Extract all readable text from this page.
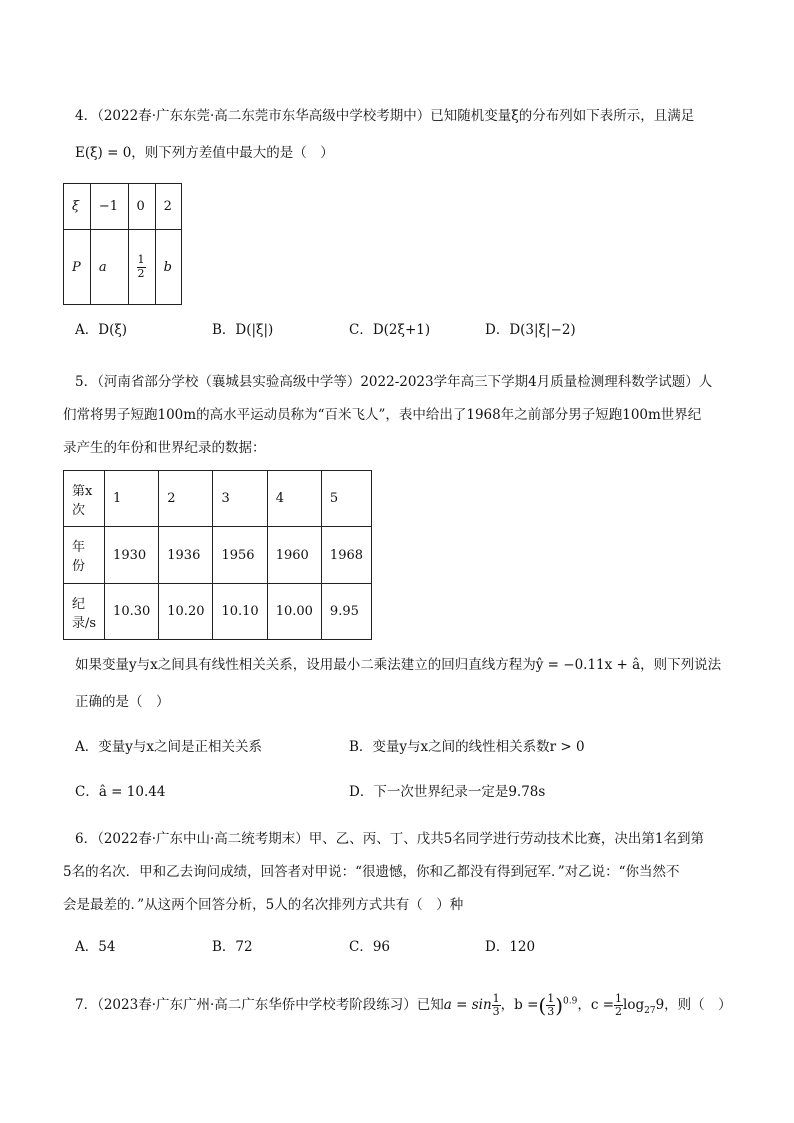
4．（2022春·广东东莞·高二东莞市东华高级中学校考期中）已知随机变量ξ的分布列如下表所示，且满足
E(ξ) = 0，则下列方差值中最大的是（　）
ξ	−1	0	2
P	a	$\frac{1}{2}$	b
A．D(ξ)	B．D(|ξ|)	C．D(2ξ+1)	D．D(3|ξ|−2)
5．（河南省部分学校（襄城县实验高级中学等）2022-2023学年高三下学期4月质量检测理科数学试题）人
们常将男子短跑100m的高水平运动员称为“百米飞人”，表中给出了1968年之前部分男子短跑100m世界纪
录产生的年份和世界纪录的数据：
第x次	1	2	3	4	5
年份	1930	1936	1956	1960	1968
纪录/s	10.30	10.20	10.10	10.00	9.95
如果变量y与x之间具有线性相关关系，设用最小二乘法建立的回归直线方程为ŷ = −0.11x + â，则下列说法
正确的是（　）
A．变量y与x之间是正相关关系	B．变量y与x之间的线性相关系数r > 0
C．â = 10.44	D．下一次世界纪录一定是9.78s
6．（2022春·广东中山·高二统考期末）甲、乙、丙、丁、戊共5名同学进行劳动技术比赛，决出第1名到第
5名的名次．甲和乙去询问成绩，回答者对甲说：“很遗憾，你和乙都没有得到冠军．”对乙说：“你当然不
会是最差的．”从这两个回答分析，5人的名次排列方式共有（　）种
A．54	B．72	C．96	D．120
7．（2023春·广东广州·高二广东华侨中学校考阶段练习）已知$a = \sin \frac{1}{3}$ ，b =( $\frac{1}{3} )^{0.9}$，$c = \frac{1}{2} \log_{27}9$，则（　）
